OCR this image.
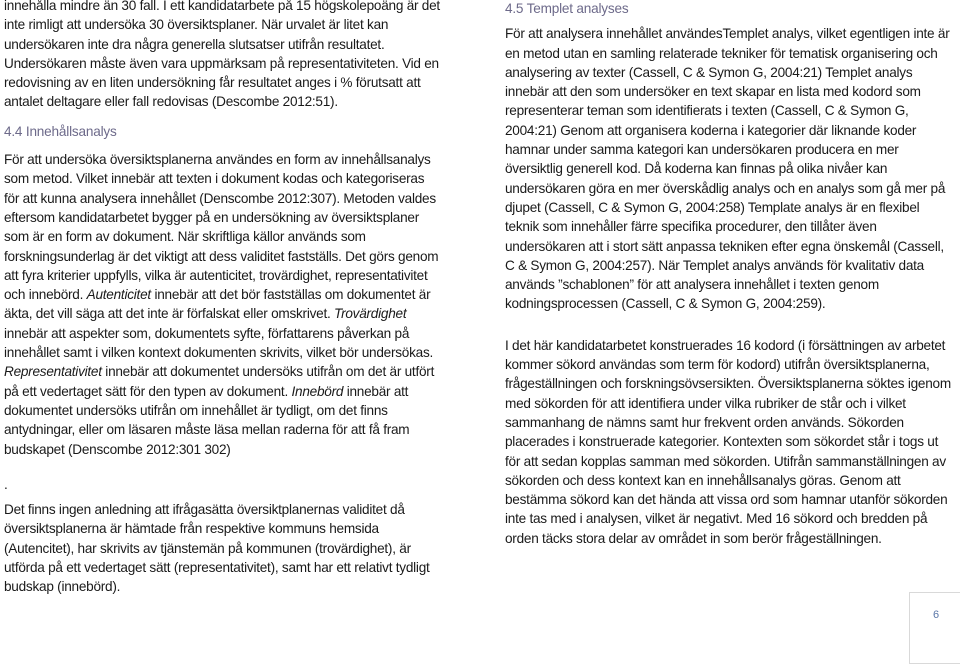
innehålla mindre än 30 fall. I ett kandidatarbete på 15 högskolepoäng är det inte rimligt att undersöka 30 översiktsplaner. När urvalet är litet kan undersökaren inte dra några generella slutsatser utifrån resultatet. Undersökaren måste även vara uppmärksam på representativiteten. Vid en redovisning av en liten undersökning får resultatet anges i % förutsatt att antalet deltagare eller fall redovisas (Descombe 2012:51).

4.4 Innehållsanalys

För att undersöka översiktsplanerna användes en form av innehållsanalys som metod. Vilket innebär att texten i dokument kodas och kategoriseras för att kunna analysera innehållet (Denscombe 2012:307). Metoden valdes eftersom kandidatarbetet bygger på en undersökning av översiktsplaner som är en form av dokument. När skriftliga källor används som forskningsunderlag är det viktigt att dess validitet fastställs. Det görs genom att fyra kriterier uppfylls, vilka är autenticitet, trovärdighet, representativitet och innebörd. Autenticitet innebär att det bör fastställas om dokumentet är äkta, det vill säga att det inte är förfalskat eller omskrivet. Trovärdighet innebär att aspekter som, dokumentets syfte, författarens påverkan på innehållet samt i vilken kontext dokumenten skrivits, vilket bör undersökas. Representativitet innebär att dokumentet undersöks utifrån om det är utfört på ett vedertaget sätt för den typen av dokument. Innebörd innebär att dokumentet undersöks utifrån om innehållet är tydligt, om det finns antydningar, eller om läsaren måste läsa mellan raderna för att få fram budskapet (Denscombe 2012:301 302)

.

Det finns ingen anledning att ifrågasätta översiktplanernas validitet då översiktsplanerna är hämtade från respektive kommuns hemsida (Autencitet), har skrivits av tjänstemän på kommunen (trovärdighet), är utförda på ett vedertaget sätt (representativitet), samt har ett relativt tydligt budskap (innebörd).

4.5 Templet analyses

För att analysera innehållet användesTemplet analys, vilket egentligen inte är en metod utan en samling relaterade tekniker för tematisk organisering och analysering av texter (Cassell, C & Symon G, 2004:21) Templet analys innebär att den som undersöker en text skapar en lista med kodord som representerar teman som identifierats i texten (Cassell, C & Symon G, 2004:21) Genom att organisera koderna i kategorier där liknande koder hamnar under samma kategori kan undersökaren producera en mer översiktlig generell kod. Då koderna kan finnas på olika nivåer kan undersökaren göra en mer överskådlig analys och en analys som gå mer på djupet (Cassell, C & Symon G, 2004:258) Template analys är en flexibel teknik som innehåller färre specifika procedurer, den tillåter även undersökaren att i stort sätt anpassa tekniken efter egna önskemål (Cassell, C & Symon G, 2004:257). När Templet analys används för kvalitativ data används ”schablonen” för att analysera innehållet i texten genom kodningsprocessen (Cassell, C & Symon G, 2004:259).

I det här kandidatarbetet konstruerades 16 kodord (i försättningen av arbetet kommer sökord användas som term för kodord) utifrån översiktsplanerna, frågeställningen och forskningsövsersikten. Översiktsplanerna söktes igenom med sökorden för att identifiera under vilka rubriker de står och i vilket sammanhang de nämns samt hur frekvent orden används. Sökorden placerades i konstruerade kategorier. Kontexten som sökordet står i togs ut för att sedan kopplas samman med sökorden. Utifrån sammanställningen av sökorden och dess kontext kan en innehållsanalys göras. Genom att bestämma sökord kan det hända att vissa ord som hamnar utanför sökorden inte tas med i analysen, vilket är negativt. Med 16 sökord och bredden på orden täcks stora delar av området in som berör frågeställningen.

6
